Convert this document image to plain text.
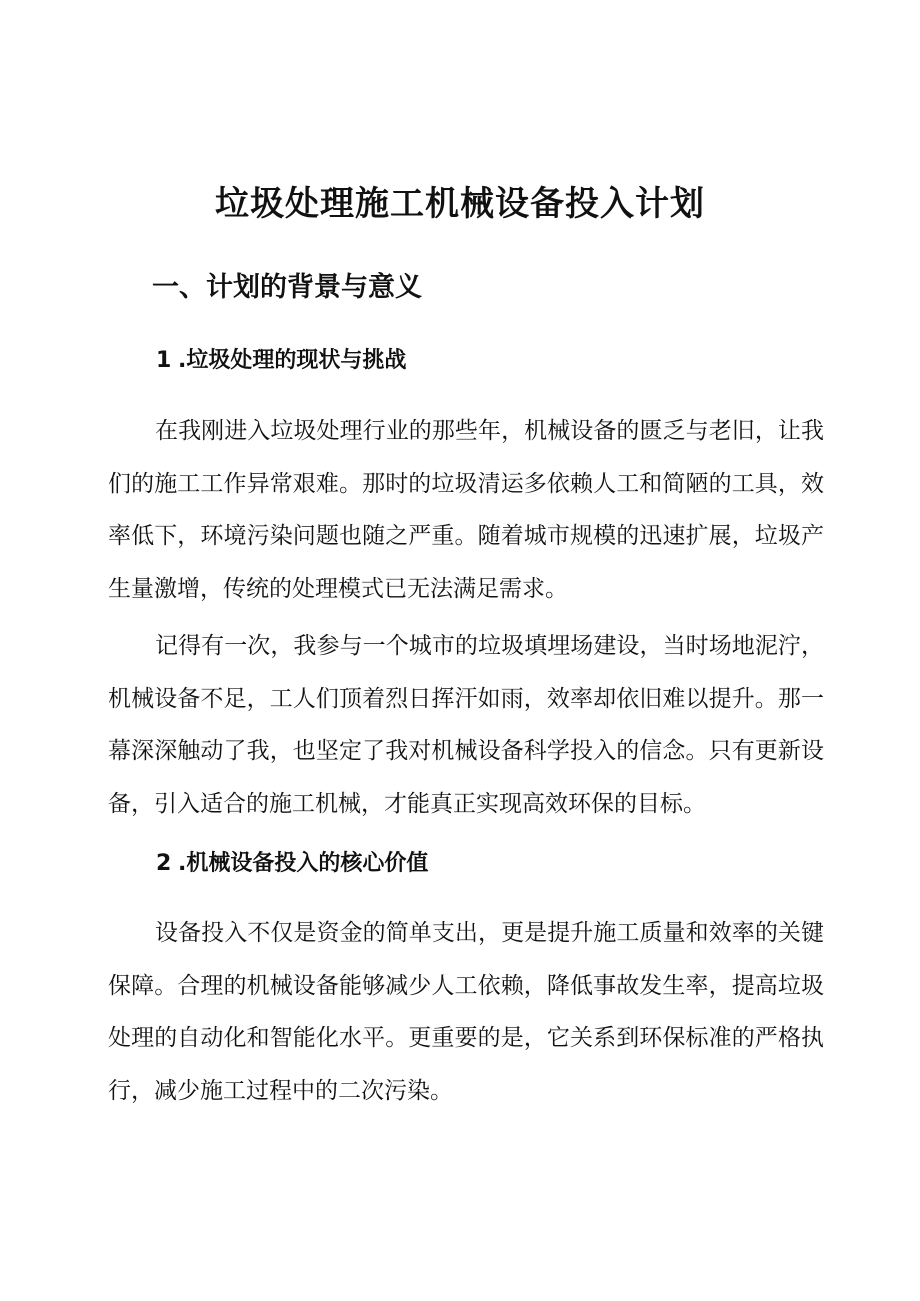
垃圾处理施工机械设备投入计划
一、计划的背景与意义
1 .垃圾处理的现状与挑战

在我刚进入垃圾处理行业的那些年，机械设备的匮乏与老旧，让我们的施工工作异常艰难。那时的垃圾清运多依赖人工和简陋的工具，效率低下，环境污染问题也随之严重。随着城市规模的迅速扩展，垃圾产生量激增，传统的处理模式已无法满足需求。

记得有一次，我参与一个城市的垃圾填埋场建设，当时场地泥泞，机械设备不足，工人们顶着烈日挥汗如雨，效率却依旧难以提升。那一幕深深触动了我，也坚定了我对机械设备科学投入的信念。只有更新设备，引入适合的施工机械，才能真正实现高效环保的目标。

2 .机械设备投入的核心价值

设备投入不仅是资金的简单支出，更是提升施工质量和效率的关键保障。合理的机械设备能够减少人工依赖，降低事故发生率，提高垃圾处理的自动化和智能化水平。更重要的是，它关系到环保标准的严格执行，减少施工过程中的二次污染。
